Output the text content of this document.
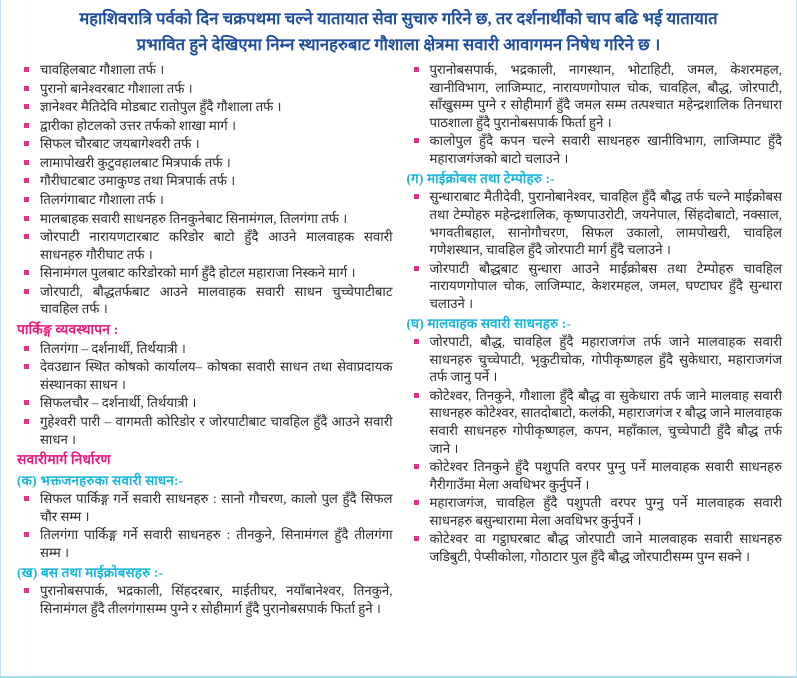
महाशिवरात्रि पर्वको दिन चक्रपथमा चल्ने यातायात सेवा सुचारु गरिने छ, तर दर्शनार्थींको चाप बढि भई यातायात
प्रभावित हुने देखिएमा निम्न स्थानहरुबाट गौशाला क्षेत्रमा सवारी आवागमन निषेध गरिने छ ।
चावहिलबाट गौशाला तर्फ ।
पुरानो बानेश्वरबाट गौशाला तर्फ ।
ज्ञानेश्वर मैतिदेवि मोडबाट रातोपुल हुँदै गौशाला तर्फ ।
द्वारीका होटलको उत्तर तर्फको शाखा मार्ग ।
सिफल चौरबाट जयबागेश्वरी तर्फ ।
लामापोखरी कुटुवहालबाट मित्रपार्क तर्फ ।
गौरीघाटबाट उमाकुण्ड तथा मित्रपार्क तर्फ ।
तिलगंगाबाट गौशाला तर्फ ।
मालबाहक सवारी साधनहरु तिनकुनेबाट सिनामंगल, तिलगंगा तर्फ ।
जोरपाटी नारायणटारबाट करिडोर बाटो हुँदै आउने मालवाहक सवारी साधनहरु गौरीघाट तर्फ ।
सिनामंगल पुलबाट करिडोरको मार्ग हुँदै होटल महाराजा निस्कने मार्ग ।
जोरपाटी, बौद्धतर्फबाट आउने मालवाहक सवारी साधन चुच्चेपाटीबाट चावहिल तर्फ ।
पार्किङ्ग व्यवस्थापन :
तिलगंगा – दर्शनार्थी, तिर्थयात्री ।
देवउद्यान स्थित कोषको कार्यालय– कोषका सवारी साधन तथा सेवाप्रदायक संस्थानका साधन ।
सिफलचौर – दर्शनार्थी, तिर्थयात्री ।
गुहेश्वरी पारी – वागमती कोरिडोर र जोरपाटीबाट चावहिल हुँदै आउने सवारी साधन ।
सवारीमार्ग निर्धारण
(क) भक्तजनहरुका सवारी साधन:-
सिफल पार्किङ्ग गर्ने सवारी साधनहरु : सानो गौचरण, कालो पुल हुँदै सिफल चौर सम्म ।
तिलगंगा पार्किङ्ग गर्ने सवारी साधनहरु : तीनकुने, सिनामंगल हुँदै तीलगंगा सम्म ।
(ख) बस तथा माईक्रोबसहरु :-
पुरानोबसपार्क, भद्रकाली, सिंहदरबार, माईतीघर, नयाँबानेश्वर, तिनकुने, सिनामंगल हुँदै तीलगंगासम्म पुग्ने र सोहीमार्ग हुँदै पुरानोबसपार्क फिर्ता हुने ।
पुरानोबसपार्क, भद्रकाली, नागस्थान, भोटाहिटी, जमल, केशरमहल, खानीविभाग, लाजिम्पाट, नारायणगोपाल चोक, चावहिल, बौद्ध, जोरपाटी, साँखुसम्म पुग्ने र सोहीमार्ग हुँदै जमल सम्म तत्पश्चात महेन्द्रशालिक तिनधारा पाठशाला हुँदै पुरानोबसपार्क फिर्ता हुने ।
कालोपुल हुँदै कपन चल्ने सवारी साधनहरु खानीविभाग, लाजिम्पाट हुँदै महाराजगंजको बाटो चलाउने ।
(ग) माईक्रोबस तथा टेम्पोहरु :-
सुन्धाराबाट मैतीदेवी, पुरानोबानेश्वर, चावहिल हुँदै बौद्ध तर्फ चल्ने माईक्रोबस तथा टेम्पोहरु महेन्द्रशालिक, कृष्णपाउरोटी, जयनेपाल, सिंहदोबाटो, नक्साल, भगवतीबहाल, सानोगौचरण, सिफल उकालो, लामपोखरी, चावहिल गणेशस्थान, चावहिल हुँदै जोरपाटी मार्ग हुँदै चलाउने ।
जोरपाटी बौद्धबाट सुन्धारा आउने माईक्रोबस तथा टेम्पोहरु चावहिल नारायणगोपाल चोक, लाजिम्पाट, केशरमहल, जमल, घण्टाघर हुँदै सुन्धारा चलाउने ।
(घ) मालवाहक सवारी साधनहरु :-
जोरपाटी, बौद्ध, चावहिल हुँदै महाराजगंज तर्फ जाने मालवाहक सवारी साधनहरु चुच्चेपाटी, भृकुटीचोक, गोपीकृष्णहल हुँदै सुकेधारा, महाराजगंज तर्फ जानु पर्ने ।
कोटेश्वर, तिनकुने, गौशाला हुँदै बौद्ध वा सुकेधारा तर्फ जाने मालवाह सवारी साधनहरु कोटेश्वर, सातदोबाटो, कलंकी, महाराजगंज र बौद्ध जाने मालवाहक सवारी साधनहरु गोपीकृष्णहल, कपन, महाँकाल, चुच्चेपाटी हुँदै बौद्ध तर्फ जाने ।
कोटेश्वर तिनकुने हुँदै पशुपति वरपर पुग्नु पर्ने मालवाहक सवारी साधनहरु गैरीगाउँमा मेला अवधिभर कुर्नुपर्ने ।
महाराजगंज, चावहिल हुँदै पशुपती वरपर पुग्नु पर्ने मालवाहक सवारी साधनहरु बसुन्धारामा मेला अवधिभर कुर्नुपर्ने ।
कोटेश्वर वा गट्ठाघरबाट बौद्ध जोरपाटी जाने मालवाहक सवारी साधनहरु जडिबुटी, पेप्सीकोला, गोठाटार पुल हुँदै बौद्ध जोरपाटीसम्म पुग्न सक्ने ।
